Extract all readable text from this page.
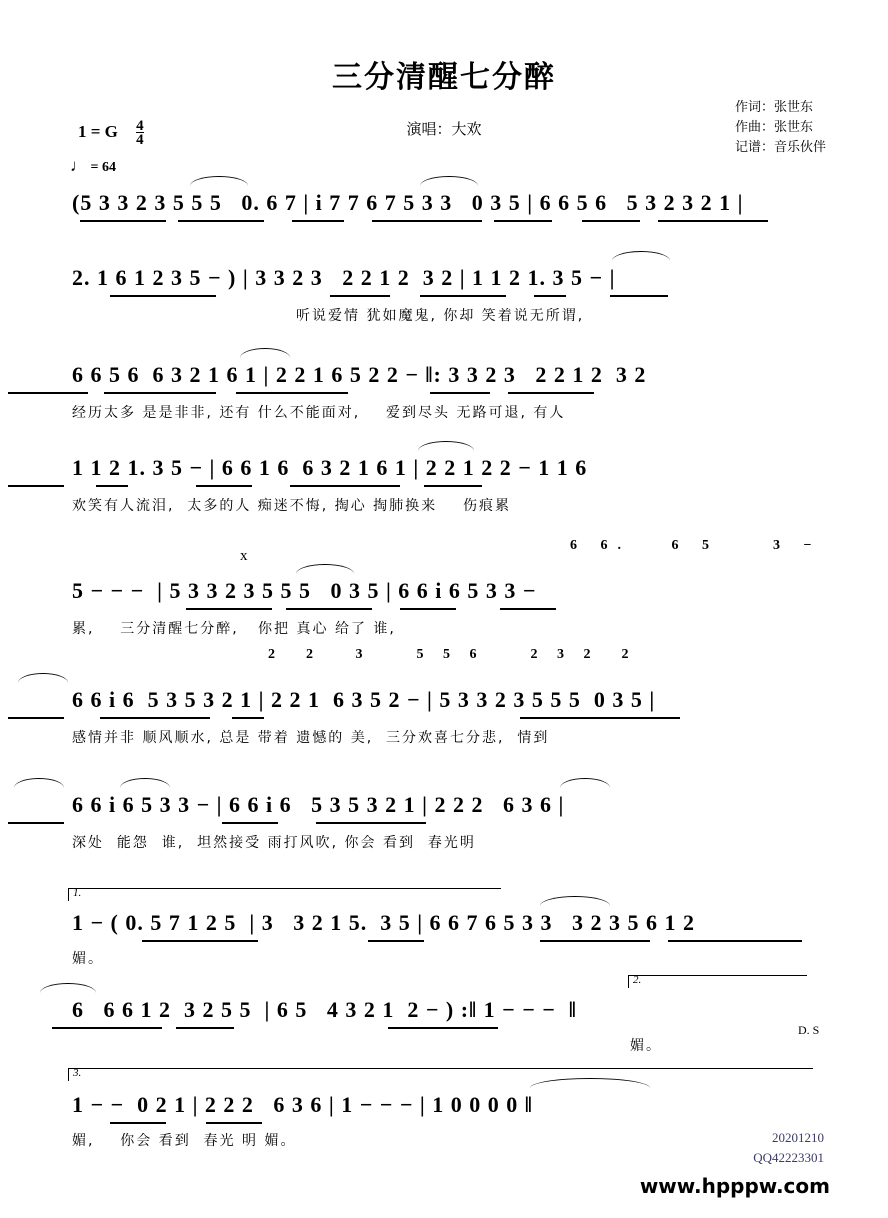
三分清醒七分醉
演唱：大欢
作词：张世东
作曲：张世东
记谱：音乐伙伴
1 = G $\frac{4}{4}$
♩ = 64
(5 3 3 2 3 5 5 5   0. 6 7 | i 7 7 6 7 5 3 3   0 3 5 | 6 6 5 6   5 3 2 3 2 1 |
2. 1 6 1 2 3 5 − ) | 3 3 2 3   2 2 1 2  3 2 | 1 1 2 1. 3 5 − |
听说爱情 犹如魔鬼, 你却 笑着说无所谓,
6 6 5 6  6 3 2 1 6 1 | 2 2 1 6 5 2 2 − ‖: 3 3 2 3   2 2 1 2  3 2
经历太多 是是非非, 还有 什么不能面对,    爱到尽头 无路可退, 有人
1 1 2 1. 3 5 − | 6 6 1 6  6 3 2 1 6 1 | 2 2 1 2 2 − 1 1 6
欢笑有人流泪,  太多的人 痴迷不悔, 掏心 掏肺换来    伤痕累
x
6 6.   6 5    3 −
5 − − −  | 5 3 3 2 3 5 5 5   0 3 5 | 6 6 i 6 5 3 3 −
累,    三分清醒七分醉,   你把 真心 给了 谁,
2  2   3    5 5 6    2 3 2  2
6 6 i 6  5 3 5 3 2 1 | 2 2 1  6 3 5 2 − | 5 3 3 2 3 5 5 5  0 3 5 |
感情并非 顺风顺水, 总是 带着 遗憾的 美,  三分欢喜七分悲,  情到
6 6 i 6 5 3 3 − | 6 6 i 6   5 3 5 3 2 1 | 2 2 2   6 3 6 |
深处  能怨  谁,  坦然接受 雨打风吹, 你会 看到  春光明
1.
1 − ( 0. 5 7 1 2 5  | 3   3 2 1 5.  3 5 | 6 6 7 6 5 3 3   3 2 3 5 6 1 2
媚。
2.
6   6 6 1 2  3 2 5 5  | 6 5   4 3 2 1  2 − ) :‖ 1 − − −  ‖
媚。
D. S
3.
1 − −  0 2 1 | 2 2 2   6 3 6 | 1 − − − | 1 0 0 0 0 ‖
媚,    你会 看到  春光 明 媚。	20201210
QQ42223301
www.hpppw.com
